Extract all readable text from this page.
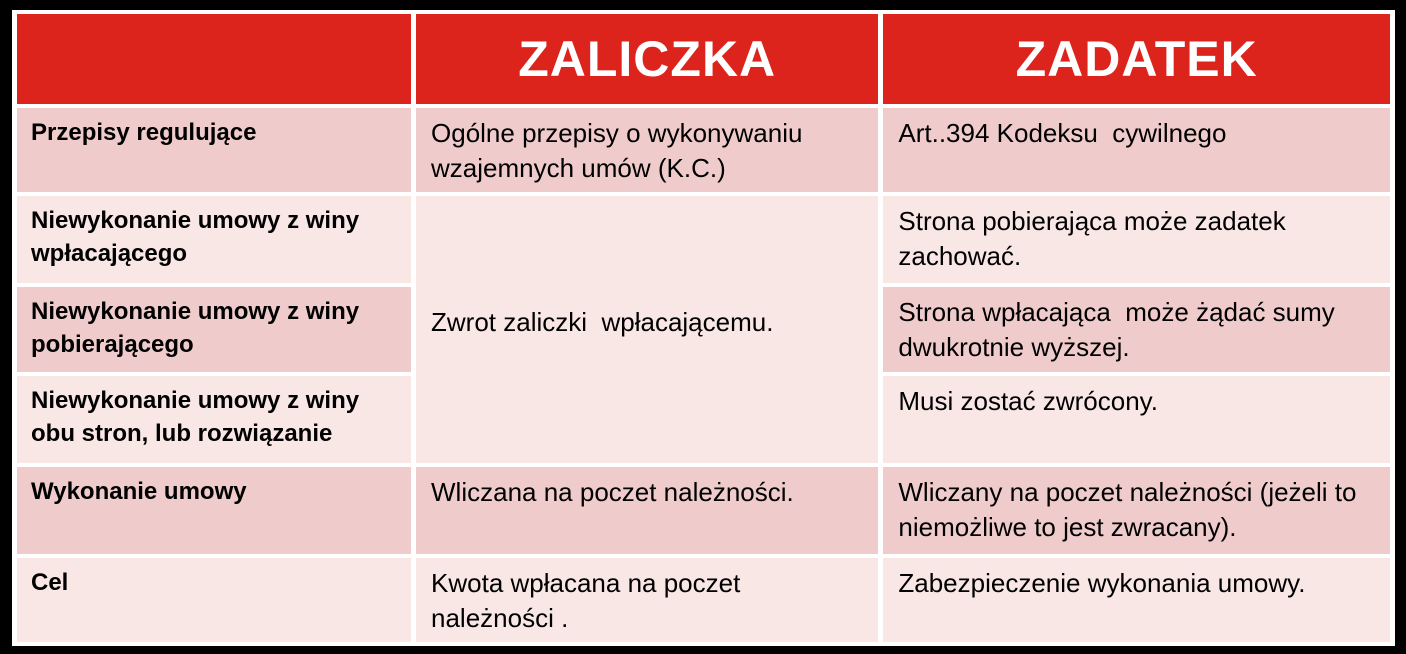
	ZALICZKA	ZADATEK
Przepisy regulujące	Ogólne przepisy o wykonywaniu wzajemnych umów (K.C.)	Art..394 Kodeksu  cywilnego
Niewykonanie umowy z winy wpłacającego	Zwrot zaliczki  wpłacającemu.	Strona pobierająca może zadatek zachować.
Niewykonanie umowy z winy pobierającego		Strona wpłacająca  może żądać sumy dwukrotnie wyższej.
Niewykonanie umowy z winy obu stron, lub rozwiązanie		Musi zostać zwrócony.
Wykonanie umowy	Wliczana na poczet należności.	Wliczany na poczet należności (jeżeli to niemożliwe to jest zwracany).
Cel	Kwota wpłacana na poczet należności .	Zabezpieczenie wykonania umowy.
